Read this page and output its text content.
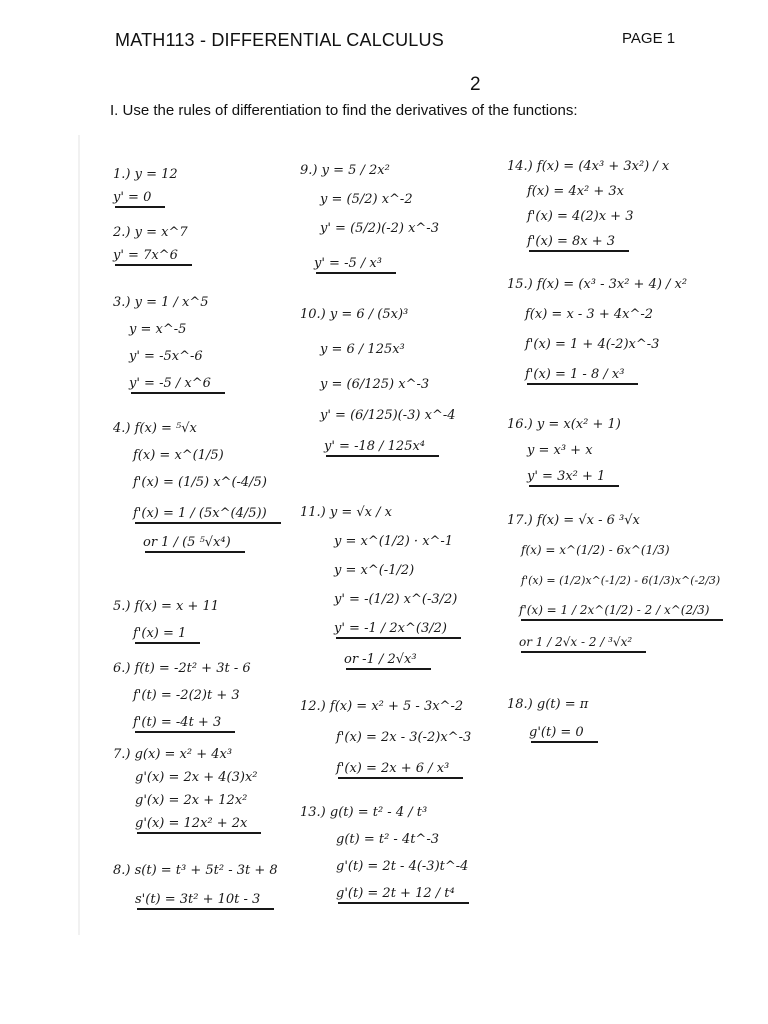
MATH113 - DIFFERENTIAL CALCULUS	PAGE 1
2
I. Use the rules of differentiation to find the derivatives of the functions:
1.) y = 12
y' = 0
2.) y = x^7
y' = 7x^6
3.) y = 1 / x^5
y = x^-5
y' = -5x^-6
y' = -5 / x^6
4.) f(x) = ⁵√x
f(x) = x^(1/5)
f'(x) = (1/5) x^(-4/5)
f'(x) = 1 / (5x^(4/5)) or 1 / (5 ⁵√x⁴)
5.) f(x) = x + 11
f'(x) = 1
6.) f(t) = -2t² + 3t - 6
f'(t) = -2(2)t + 3
f'(t) = -4t + 3
7.) g(x) = x² + 4x³
g'(x) = 2x + 4(3)x²
g'(x) = 2x + 12x²
g'(x) = 12x² + 2x
8.) s(t) = t³ + 5t² - 3t + 8
s'(t) = 3t² + 10t - 3
9.) y = 5 / 2x²
y = (5/2) x^-2
y' = (5/2)(-2) x^-3
y' = -5 / x³
10.) y = 6 / (5x)³
y = 6 / 125x³
y = (6/125) x^-3
y' = (6/125)(-3) x^-4
y' = -18 / 125x⁴
11.) y = √x / x
y = x^(1/2) · x^-1
y = x^(-1/2)
y' = -(1/2) x^(-3/2)
y' = -1 / 2x^(3/2) or -1 / 2√x³
12.) f(x) = x² + 5 - 3x^-2
f'(x) = 2x - 3(-2)x^-3
f'(x) = 2x + 6 / x³
13.) g(t) = t² - 4 / t³
g(t) = t² - 4t^-3
g'(t) = 2t - 4(-3)t^-4
g'(t) = 2t + 12 / t⁴
14.) f(x) = (4x³ + 3x²) / x
f(x) = 4x² + 3x
f'(x) = 4(2)x + 3
f'(x) = 8x + 3
15.) f(x) = (x³ - 3x² + 4) / x²
f(x) = x - 3 + 4x^-2
f'(x) = 1 + 4(-2)x^-3
f'(x) = 1 - 8 / x³
16.) y = x(x² + 1)
y = x³ + x
y' = 3x² + 1
17.) f(x) = √x - 6 ³√x
f(x) = x^(1/2) - 6x^(1/3)
f'(x) = (1/2)x^(-1/2) - 6(1/3)x^(-2/3)
f'(x) = 1 / 2x^(1/2) - 2 / x^(2/3) or 1 / 2√x - 2 / ³√x²
18.) g(t) = π
g'(t) = 0
